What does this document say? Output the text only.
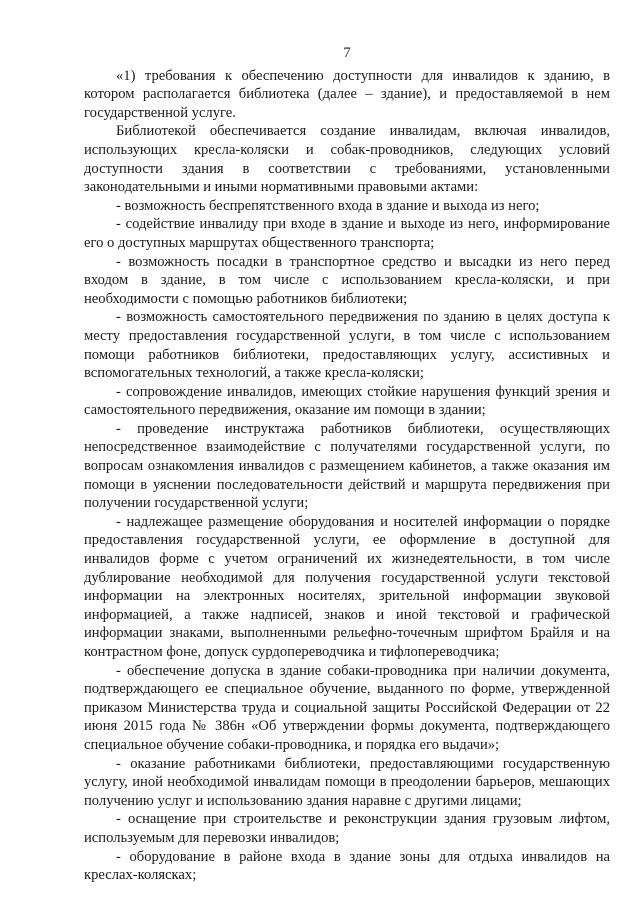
7

«1) требования к обеспечению доступности для инвалидов к зданию, в котором располагается библиотека (далее – здание), и предоставляемой в нем государственной услуге.

Библиотекой обеспечивается создание инвалидам, включая инвалидов, использующих кресла-коляски и собак-проводников, следующих условий доступности здания в соответствии с требованиями, установленными законодательными и иными нормативными правовыми актами:

- возможность беспрепятственного входа в здание и выхода из него;

- содействие инвалиду при входе в здание и выходе из него, информирование его о доступных маршрутах общественного транспорта;

- возможность посадки в транспортное средство и высадки из него перед входом в здание, в том числе с использованием кресла-коляски, и при необходимости с помощью работников библиотеки;

- возможность самостоятельного передвижения по зданию в целях доступа к месту предоставления государственной услуги, в том числе с использованием помощи работников библиотеки, предоставляющих услугу, ассистивных и вспомогательных технологий, а также кресла-коляски;

- сопровождение инвалидов, имеющих стойкие нарушения функций зрения и самостоятельного передвижения, оказание им помощи в здании;

- проведение инструктажа работников библиотеки, осуществляющих непосредственное взаимодействие с получателями государственной услуги, по вопросам ознакомления инвалидов с размещением кабинетов, а также оказания им помощи в уяснении последовательности действий и маршрута передвижения при получении государственной услуги;

- надлежащее размещение оборудования и носителей информации о порядке предоставления государственной услуги, ее оформление в доступной для инвалидов форме с учетом ограничений их жизнедеятельности, в том числе дублирование необходимой для получения государственной услуги текстовой информации на электронных носителях, зрительной информации звуковой информацией, а также надписей, знаков и иной текстовой и графической информации знаками, выполненными рельефно-точечным шрифтом Брайля и на контрастном фоне, допуск сурдопереводчика и тифлопереводчика;

- обеспечение допуска в здание собаки-проводника при наличии документа, подтверждающего ее специальное обучение, выданного по форме, утвержденной приказом Министерства труда и социальной защиты Российской Федерации от 22 июня 2015 года № 386н «Об утверждении формы документа, подтверждающего специальное обучение собаки-проводника, и порядка его выдачи»;

- оказание работниками библиотеки, предоставляющими государственную услугу, иной необходимой инвалидам помощи в преодолении барьеров, мешающих получению услуг и использованию здания наравне с другими лицами;

- оснащение при строительстве и реконструкции здания грузовым лифтом, используемым для перевозки инвалидов;

- оборудование в районе входа в здание зоны для отдыха инвалидов на креслах-колясках;
